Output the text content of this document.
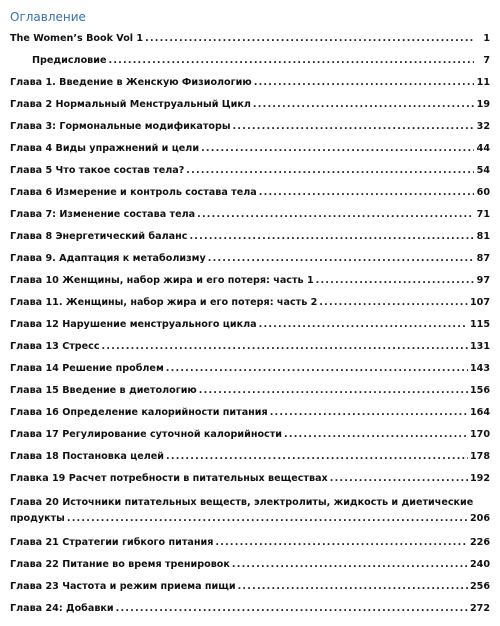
Оглавление
The Women’s Book Vol 1 .....	1
Предисловие .....	7
Глава 1. Введение в Женскую Физиологию .....	11
Глава 2 Нормальный Менструальный Цикл .....	19
Глава 3: Гормональные модификаторы .....	32
Глава 4 Виды упражнений и цели .....	44
Глава 5 Что такое состав тела? .....	54
Глава 6 Измерение и контроль состава тела .....	60
Глава 7: Изменение состава тела .....	71
Глава 8 Энергетический баланс .....	81
Глава 9. Адаптация к метаболизму .....	87
Глава 10 Женщины, набор жира и его потеря: часть 1 .....	97
Глава 11. Женщины, набор жира и его потеря: часть 2 .....	107
Глава 12 Нарушение менструального цикла .....	115
Глава 13 Стресс .....	131
Глава 14 Решение проблем .....	143
Глава 15 Введение в диетологию .....	156
Глава 16 Определение калорийности питания .....	164
Глава 17 Регулирование суточной калорийности .....	170
Глава 18 Постановка целей .....	178
Главка 19 Расчет потребности в питательных веществах .....	192
Глава 20 Источники питательных веществ, электролиты, жидкость и диетические
продукты .....	206
Глава 21 Стратегии гибкого питания .....	226
Глава 22 Питание во время тренировок .....	240
Глава 23 Частота и режим приема пищи .....	256
Глава 24: Добавки .....	272
